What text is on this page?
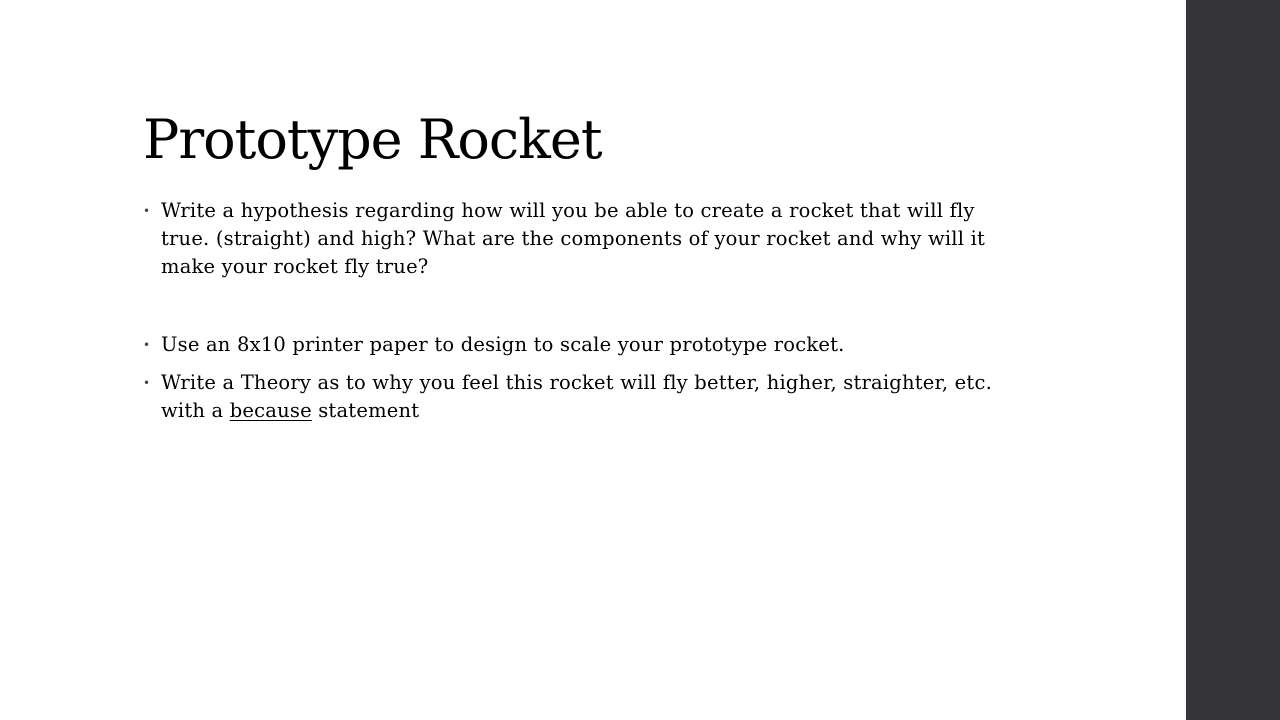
Prototype Rocket
• Write a hypothesis regarding how will you be able to create a rocket that will fly true. (straight) and high? What are the components of your rocket and why will it make your rocket fly true?
• Use an 8x10 printer paper to design to scale your prototype rocket.
• Write a Theory as to why you feel this rocket will fly better, higher, straighter, etc. with a because statement
